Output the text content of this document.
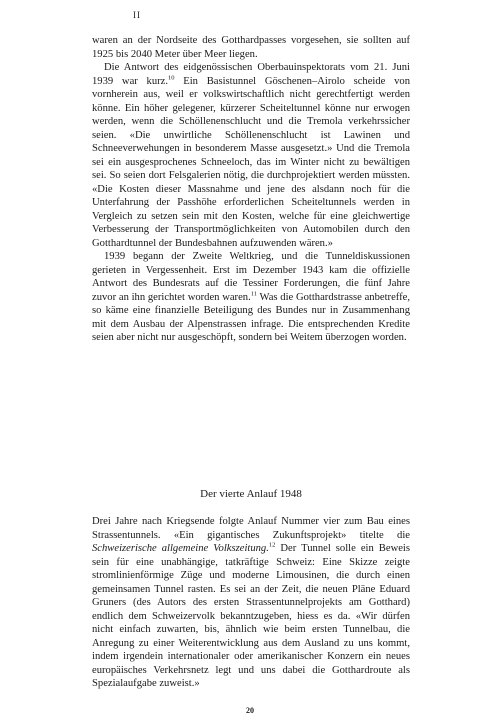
II

waren an der Nordseite des Gotthardpasses vorgesehen, sie sollten auf 1925 bis 2040 Meter über Meer liegen.

Die Antwort des eidgenössischen Oberbauinspektorats vom 21. Juni 1939 war kurz.$^{10}$ Ein Basistunnel Göschenen–Airolo scheide von vornherein aus, weil er volkswirtschaftlich nicht gerechtfertigt werden könne. Ein höher gelegener, kürzerer Scheiteltunnel könne nur erwogen werden, wenn die Schöllenenschlucht und die Tremola verkehrssicher seien. «Die unwirtliche Schöllenenschlucht ist Lawinen und Schneeverwehungen in besonderem Masse ausgesetzt.» Und die Tremola sei ein ausgesprochenes Schneeloch, das im Winter nicht zu bewältigen sei. So seien dort Felsgalerien nötig, die durchprojektiert werden müssten. «Die Kosten dieser Massnahme und jene des alsdann noch für die Unterfahrung der Passhöhe erforderlichen Scheiteltunnels werden in Vergleich zu setzen sein mit den Kosten, welche für eine gleichwertige Verbesserung der Transportmöglichkeiten von Automobilen durch den Gotthardtunnel der Bundesbahnen aufzuwenden wären.»

1939 begann der Zweite Weltkrieg, und die Tunneldiskussionen gerieten in Vergessenheit. Erst im Dezember 1943 kam die offizielle Antwort des Bundesrats auf die Tessiner Forderungen, die fünf Jahre zuvor an ihn gerichtet worden waren.$^{11}$ Was die Gotthardstrasse anbetreffe, so käme eine finanzielle Beteiligung des Bundes nur in Zusammenhang mit dem Ausbau der Alpenstrassen infrage. Die entsprechenden Kredite seien aber nicht nur ausgeschöpft, sondern bei Weitem überzogen worden.

Der vierte Anlauf 1948

Drei Jahre nach Kriegsende folgte Anlauf Nummer vier zum Bau eines Strassentunnels. «Ein gigantisches Zukunftsprojekt» titelte die Schweizerische allgemeine Volkszeitung.$^{12}$ Der Tunnel solle ein Beweis sein für eine unabhängige, tatkräftige Schweiz: Eine Skizze zeigte stromlinienförmige Züge und moderne Limousinen, die durch einen gemeinsamen Tunnel rasten. Es sei an der Zeit, die neuen Pläne Eduard Gruners (des Autors des ersten Strassentunnelprojekts am Gotthard) endlich dem Schweizervolk bekanntzugeben, hiess es da. «Wir dürfen nicht einfach zuwarten, bis, ähnlich wie beim ersten Tunnelbau, die Anregung zu einer Weiterentwicklung aus dem Ausland zu uns kommt, indem irgendein internationaler oder amerikanischer Konzern ein neues europäisches Verkehrsnetz legt und uns dabei die Gotthardroute als Spezialaufgabe zuweist.»

20
